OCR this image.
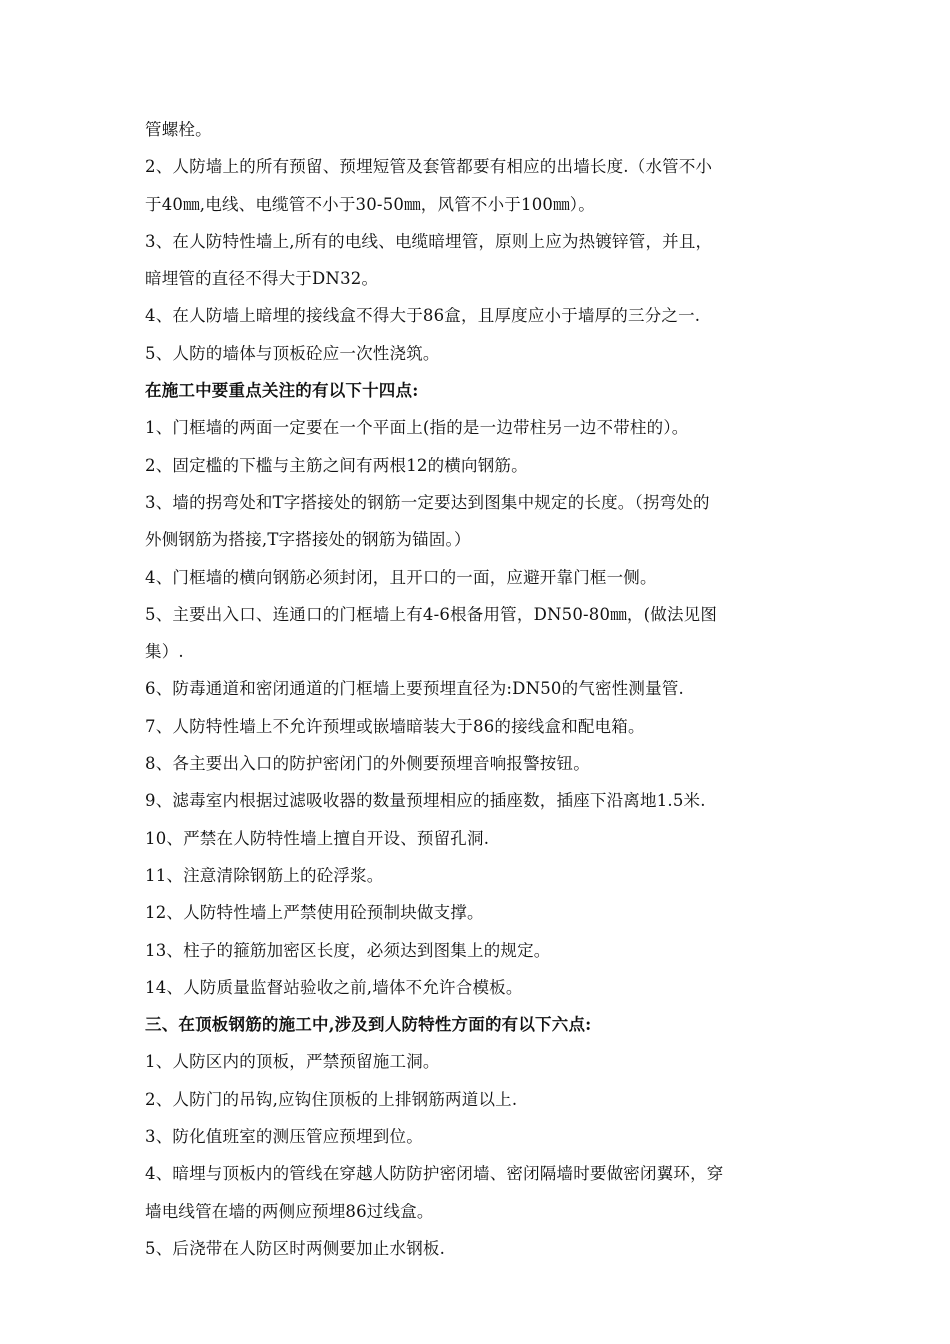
管螺栓。
2、人防墙上的所有预留、预埋短管及套管都要有相应的出墙长度.（水管不小
于40㎜,电线、电缆管不小于30-50㎜，风管不小于100㎜）。
3、在人防特性墙上,所有的电线、电缆暗埋管，原则上应为热镀锌管，并且，
暗埋管的直径不得大于DN32。
4、在人防墙上暗埋的接线盒不得大于86盒，且厚度应小于墙厚的三分之一.
5、人防的墙体与顶板砼应一次性浇筑。
在施工中要重点关注的有以下十四点:
1、门框墙的两面一定要在一个平面上(指的是一边带柱另一边不带柱的）。
2、固定槛的下槛与主筋之间有两根12的横向钢筋。
3、墙的拐弯处和T字搭接处的钢筋一定要达到图集中规定的长度。（拐弯处的
外侧钢筋为搭接,T字搭接处的钢筋为锚固。）
4、门框墙的横向钢筋必须封闭，且开口的一面，应避开靠门框一侧。
5、主要出入口、连通口的门框墙上有4-6根备用管，DN50-80㎜，(做法见图
集）.
6、防毒通道和密闭通道的门框墙上要预埋直径为:DN50的气密性测量管.
7、人防特性墙上不允许预埋或嵌墙暗装大于86的接线盒和配电箱。
8、各主要出入口的防护密闭门的外侧要预埋音响报警按钮。
9、滤毒室内根据过滤吸收器的数量预埋相应的插座数，插座下沿离地1.5米.
10、严禁在人防特性墙上擅自开设、预留孔洞.
11、注意清除钢筋上的砼浮浆。
12、人防特性墙上严禁使用砼预制块做支撑。
13、柱子的箍筋加密区长度，必须达到图集上的规定。
14、人防质量监督站验收之前,墙体不允许合模板。
三、在顶板钢筋的施工中,涉及到人防特性方面的有以下六点:
1、人防区内的顶板，严禁预留施工洞。
2、人防门的吊钩,应钩住顶板的上排钢筋两道以上.
3、防化值班室的测压管应预埋到位。
4、暗埋与顶板内的管线在穿越人防防护密闭墙、密闭隔墙时要做密闭翼环，穿
墙电线管在墙的两侧应预埋86过线盒。
5、后浇带在人防区时两侧要加止水钢板.
